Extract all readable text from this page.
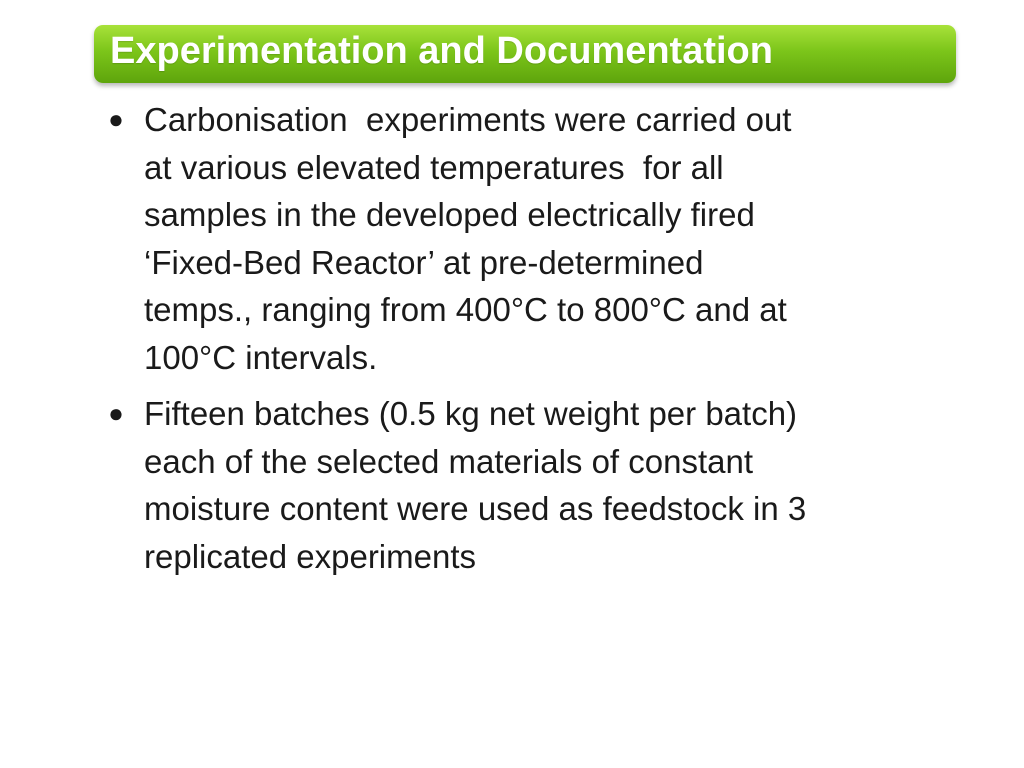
Experimentation and Documentation
● Carbonisation  experiments were carried out
at various elevated temperatures  for all
samples in the developed electrically fired
‘Fixed-Bed Reactor’ at pre-determined
temps., ranging from 400°C to 800°C and at
100°C intervals.
● Fifteen batches (0.5 kg net weight per batch)
each of the selected materials of constant
moisture content were used as feedstock in 3
replicated experiments
